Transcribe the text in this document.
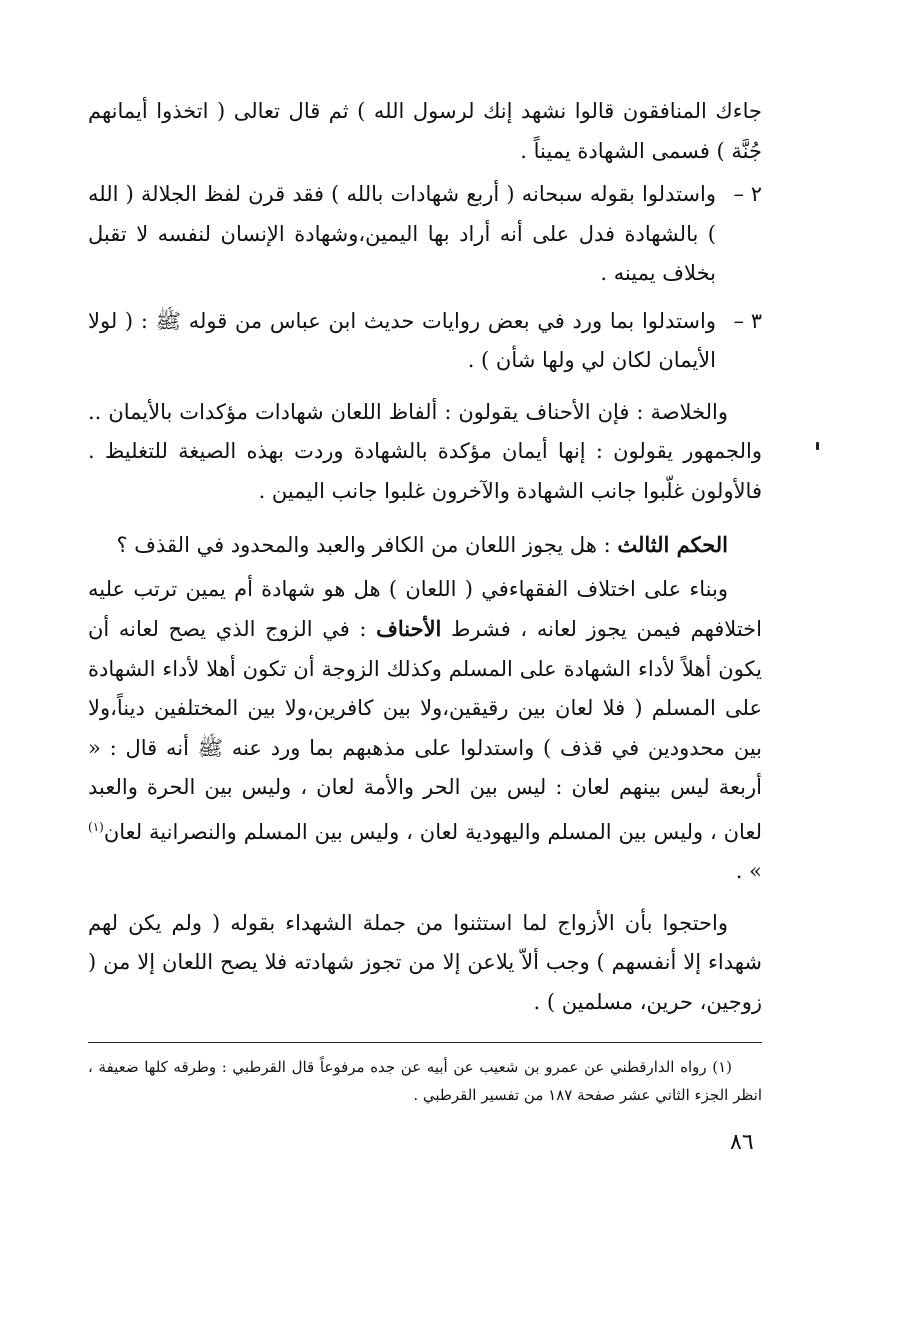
جاءك المنافقون قالوا نشهد إنك لرسول الله ) ثم قال تعالى ( اتخذوا أيمانهم جُنَّة ) فسمى الشهادة يميناً .

٢ –

واستدلوا بقوله سبحانه ( أربع شهادات بالله ) فقد قرن لفظ الجلالة ( الله ) بالشهادة فدل على أنه أراد بها اليمين،وشهادة الإنسان لنفسه لا تقبل بخلاف يمينه .

٣ –

واستدلوا بما ورد في بعض روايات حديث ابن عباس من قوله ﷺ : ( لولا الأيمان لكان لي ولها شأن ) .

والخلاصة : فإن الأحناف يقولون : ألفاظ اللعان شهادات مؤكدات بالأيمان .. والجمهور يقولون : إنها أيمان مؤكدة بالشهادة وردت بهذه الصيغة للتغليظ . فالأولون غلّبوا جانب الشهادة والآخرون غلبوا جانب اليمين .

الحكم الثالث : هل يجوز اللعان من الكافر والعبد والمحدود في القذف ؟

وبناء على اختلاف الفقهاءفي ( اللعان ) هل هو شهادة أم يمين ترتب عليه اختلافهم فيمن يجوز لعانه ، فشرط الأحناف : في الزوج الذي يصح لعانه أن يكون أهلاً لأداء الشهادة على المسلم وكذلك الزوجة أن تكون أهلا لأداء الشهادة على المسلم ( فلا لعان بين رقيقين،ولا بين كافرين،ولا بين المختلفين ديناً،ولا بين محدودين في قذف ) واستدلوا على مذهبهم بما ورد عنه ﷺ أنه قال : « أربعة ليس بينهم لعان : ليس بين الحر والأمة لعان ، وليس بين الحرة والعبد لعان ، وليس بين المسلم واليهودية لعان ، وليس بين المسلم والنصرانية لعان$^{(١)}$ » .

واحتجوا بأن الأزواج لما استثنوا من جملة الشهداء بقوله ( ولم يكن لهم شهداء إلا أنفسهم ) وجب ألاّ يلاعن إلا من تجوز شهادته فلا يصح اللعان إلا من ( زوجين، حرين، مسلمين ) .

(١) رواه الدارقطني عن عمرو بن شعيب عن أبيه عن جده مرفوعاً قال القرطبي : وطرقه كلها ضعيفة ، انظر الجزء الثاني عشر صفحة ١٨٧ من تفسير القرطبي .

٨٦
